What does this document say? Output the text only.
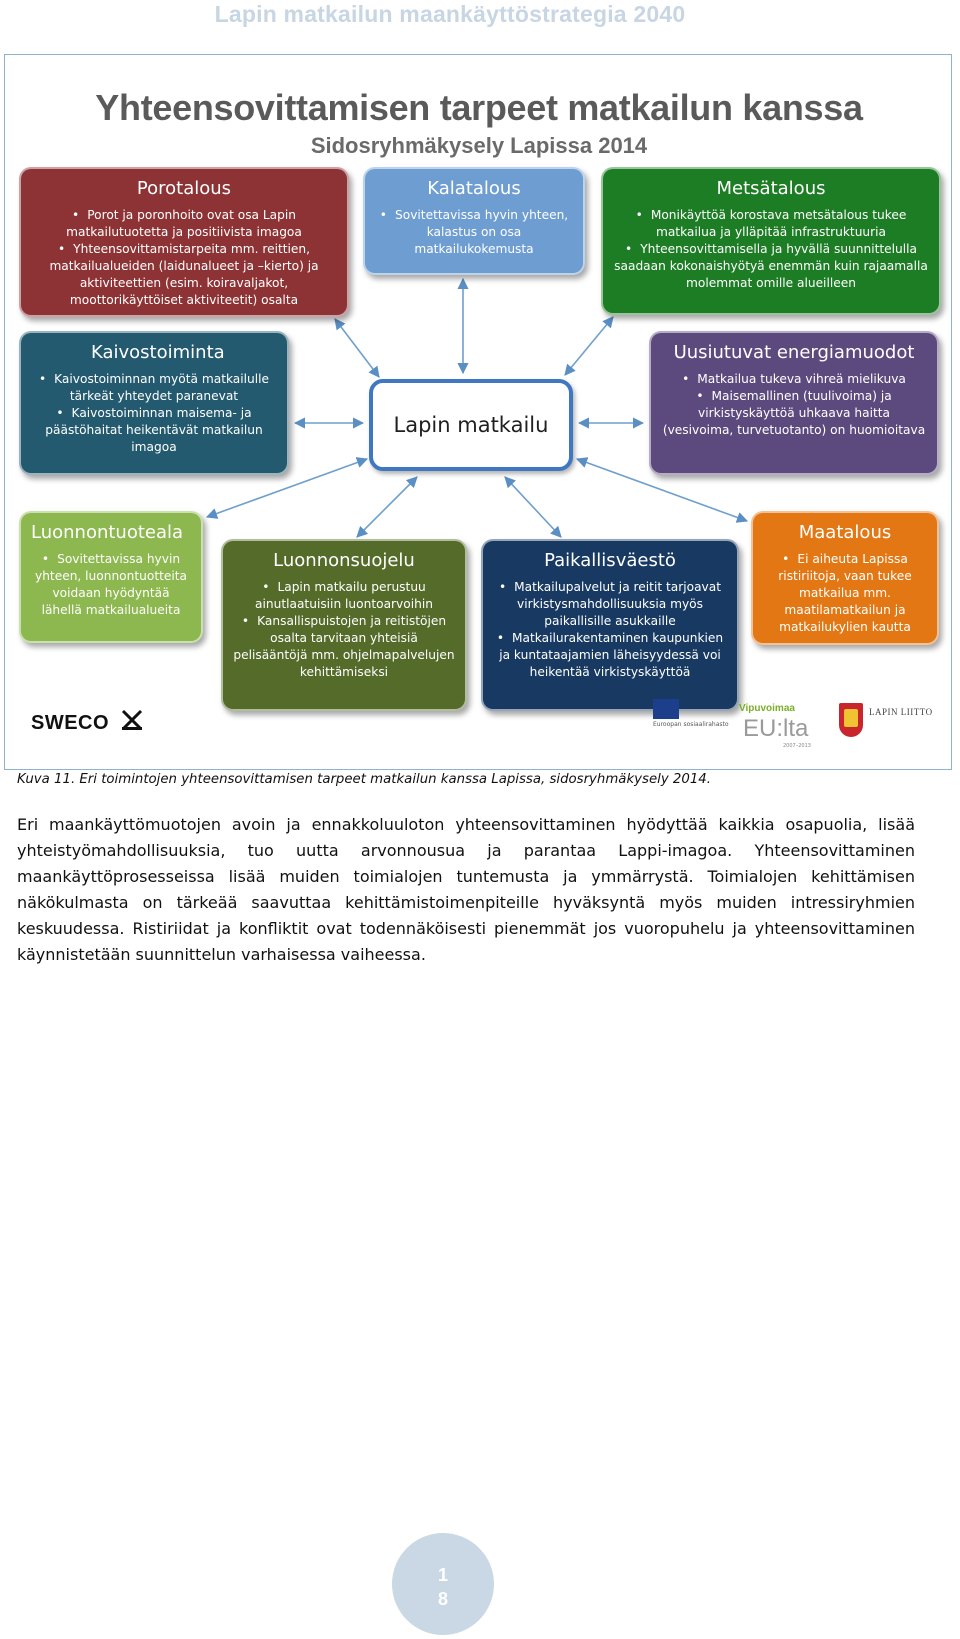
Lapin matkailun maankäyttöstrategia 2040
Yhteensovittamisen tarpeet matkailun kanssa
Sidosryhmäkysely Lapissa 2014
Porotalous
• Porot ja poronhoito ovat osa Lapin matkailutuotetta ja positiivista imagoa
• Yhteensovittamistarpeita mm. reittien, matkailualueiden (laidunalueet ja –kierto) ja aktiviteettien (esim. koiravaljakot, moottorikäyttöiset aktiviteetit) osalta
Kalatalous
• Sovitettavissa hyvin yhteen, kalastus on osa matkailukokemusta
Metsätalous
• Monikäyttöä korostava metsätalous tukee matkailua ja ylläpitää infrastruktuuria
• Yhteensovittamisella ja hyvällä suunnittelulla saadaan kokonaishyötyä enemmän kuin rajaamalla molemmat omille alueilleen
Kaivostoiminta
• Kaivostoiminnan myötä matkailulle tärkeät yhteydet paranevat
• Kaivostoiminnan maisema- ja päästöhaitat heikentävät matkailun imagoa
Lapin matkailu
Uusiutuvat energiamuodot
• Matkailua tukeva vihreä mielikuva
• Maisemallinen (tuulivoima) ja virkistyskäyttöä uhkaava haitta (vesivoima, turvetuotanto) on huomioitava
Luonnontuoteala
• Sovitettavissa hyvin yhteen, luonnontuotteita voidaan hyödyntää lähellä matkailualueita
Luonnonsuojelu
• Lapin matkailu perustuu ainutlaatuisiin luontoarvoihin
• Kansallispuistojen ja reitistöjen osalta tarvitaan yhteisiä pelisääntöjä mm. ohjelmapalvelujen kehittämiseksi
Paikallisväestö
• Matkailupalvelut ja reitit tarjoavat virkistysmahdollisuuksia myös paikallisille asukkaille
• Matkailurakentaminen kaupunkien ja kuntataajamien läheisyydessä voi heikentää virkistyskäyttöä
Maatalous
• Ei aiheuta Lapissa ristiriitoja, vaan tukee matkailua mm. maatilamatkailun ja matkailukylien kautta
SWECO	Euroopan sosiaalirahasto
Vipuvoimaa
EU:lta
2007–2013
LAPIN LIITTO
Kuva 11. Eri toimintojen yhteensovittamisen tarpeet matkailun kanssa Lapissa, sidosryhmäkysely 2014.

Eri maankäyttömuotojen avoin ja ennakkoluuloton yhteensovittaminen hyödyttää kaikkia osapuolia, lisää yhteistyömahdollisuuksia, tuo uutta arvonnousua ja parantaa Lappi-imagoa. Yhteensovittaminen maankäyttöprosesseissa lisää muiden toimialojen tuntemusta ja ymmärrystä. Toimialojen kehittämisen näkökulmasta on tärkeää saavuttaa kehittämistoimenpiteille hyväksyntä myös muiden intressiryhmien keskuudessa. Ristiriidat ja konfliktit ovat todennäköisesti pienemmät jos vuoropuhelu ja yhteensovittaminen käynnistetään suunnittelun varhaisessa vaiheessa.

1
8
